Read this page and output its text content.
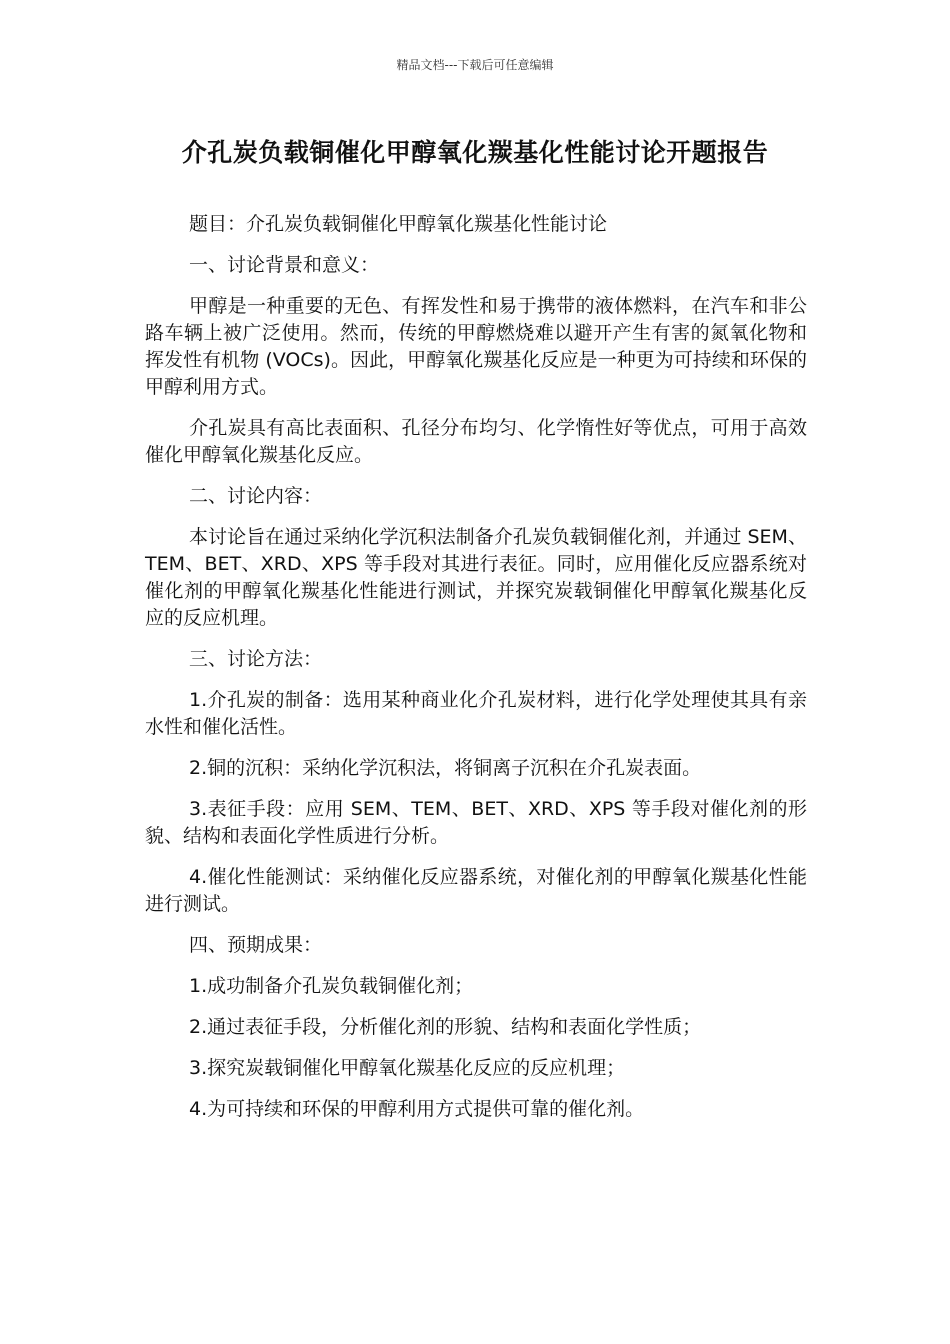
精品文档---下载后可任意编辑
介孔炭负载铜催化甲醇氧化羰基化性能讨论开题报告

题目：介孔炭负载铜催化甲醇氧化羰基化性能讨论

一、讨论背景和意义：

甲醇是一种重要的无色、有挥发性和易于携带的液体燃料，在汽车和非公路车辆上被广泛使用。然而，传统的甲醇燃烧难以避开产生有害的氮氧化物和挥发性有机物 (VOCs)。因此，甲醇氧化羰基化反应是一种更为可持续和环保的甲醇利用方式。

介孔炭具有高比表面积、孔径分布均匀、化学惰性好等优点，可用于高效催化甲醇氧化羰基化反应。

二、讨论内容：

本讨论旨在通过采纳化学沉积法制备介孔炭负载铜催化剂，并通过 SEM、TEM、BET、XRD、XPS 等手段对其进行表征。同时，应用催化反应器系统对催化剂的甲醇氧化羰基化性能进行测试，并探究炭载铜催化甲醇氧化羰基化反应的反应机理。

三、讨论方法：

1.介孔炭的制备：选用某种商业化介孔炭材料，进行化学处理使其具有亲水性和催化活性。

2.铜的沉积：采纳化学沉积法，将铜离子沉积在介孔炭表面。

3.表征手段：应用 SEM、TEM、BET、XRD、XPS 等手段对催化剂的形貌、结构和表面化学性质进行分析。

4.催化性能测试：采纳催化反应器系统，对催化剂的甲醇氧化羰基化性能进行测试。

四、预期成果：

1.成功制备介孔炭负载铜催化剂；

2.通过表征手段，分析催化剂的形貌、结构和表面化学性质；

3.探究炭载铜催化甲醇氧化羰基化反应的反应机理；

4.为可持续和环保的甲醇利用方式提供可靠的催化剂。
